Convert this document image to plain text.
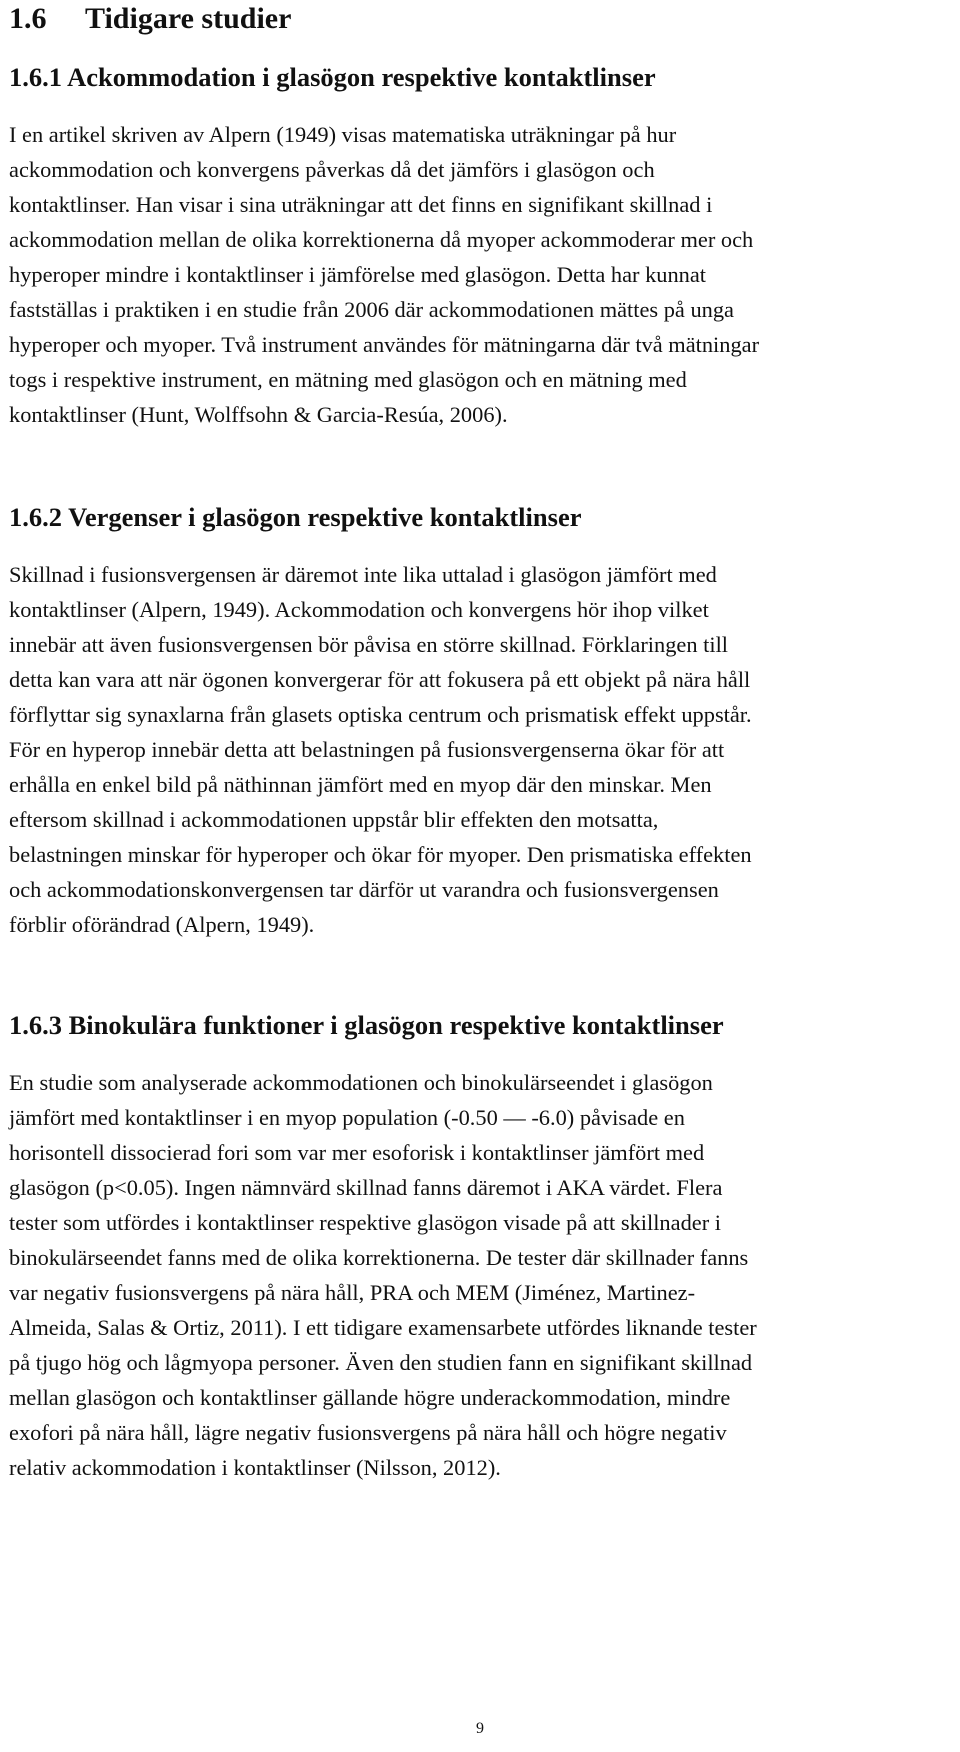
1.6 Tidigare studier
1.6.1 Ackommodation i glasögon respektive kontaktlinser
I en artikel skriven av Alpern (1949) visas matematiska uträkningar på hur
ackommodation och konvergens påverkas då det jämförs i glasögon och
kontaktlinser. Han visar i sina uträkningar att det finns en signifikant skillnad i
ackommodation mellan de olika korrektionerna då myoper ackommoderar mer och
hyperoper mindre i kontaktlinser i jämförelse med glasögon. Detta har kunnat
fastställas i praktiken i en studie från 2006 där ackommodationen mättes på unga
hyperoper och myoper. Två instrument användes för mätningarna där två mätningar
togs i respektive instrument, en mätning med glasögon och en mätning med
kontaktlinser (Hunt, Wolffsohn & Garcia-Resúa, 2006).
1.6.2 Vergenser i glasögon respektive kontaktlinser
Skillnad i fusionsvergensen är däremot inte lika uttalad i glasögon jämfört med
kontaktlinser (Alpern, 1949). Ackommodation och konvergens hör ihop vilket
innebär att även fusionsvergensen bör påvisa en större skillnad. Förklaringen till
detta kan vara att när ögonen konvergerar för att fokusera på ett objekt på nära håll
förflyttar sig synaxlarna från glasets optiska centrum och prismatisk effekt uppstår.
För en hyperop innebär detta att belastningen på fusionsvergenserna ökar för att
erhålla en enkel bild på näthinnan jämfört med en myop där den minskar. Men
eftersom skillnad i ackommodationen uppstår blir effekten den motsatta,
belastningen minskar för hyperoper och ökar för myoper. Den prismatiska effekten
och ackommodationskonvergensen tar därför ut varandra och fusionsvergensen
förblir oförändrad (Alpern, 1949).
1.6.3 Binokulära funktioner i glasögon respektive kontaktlinser
En studie som analyserade ackommodationen och binokulärseendet i glasögon
jämfört med kontaktlinser i en myop population (-0.50 — -6.0) påvisade en
horisontell dissocierad fori som var mer esoforisk i kontaktlinser jämfört med
glasögon (p<0.05). Ingen nämnvärd skillnad fanns däremot i AKA värdet. Flera
tester som utfördes i kontaktlinser respektive glasögon visade på att skillnader i
binokulärseendet fanns med de olika korrektionerna. De tester där skillnader fanns
var negativ fusionsvergens på nära håll, PRA och MEM (Jiménez, Martinez-
Almeida, Salas & Ortiz, 2011). I ett tidigare examensarbete utfördes liknande tester
på tjugo hög och lågmyopa personer. Även den studien fann en signifikant skillnad
mellan glasögon och kontaktlinser gällande högre underackommodation, mindre
exofori på nära håll, lägre negativ fusionsvergens på nära håll och högre negativ
relativ ackommodation i kontaktlinser (Nilsson, 2012).
9
